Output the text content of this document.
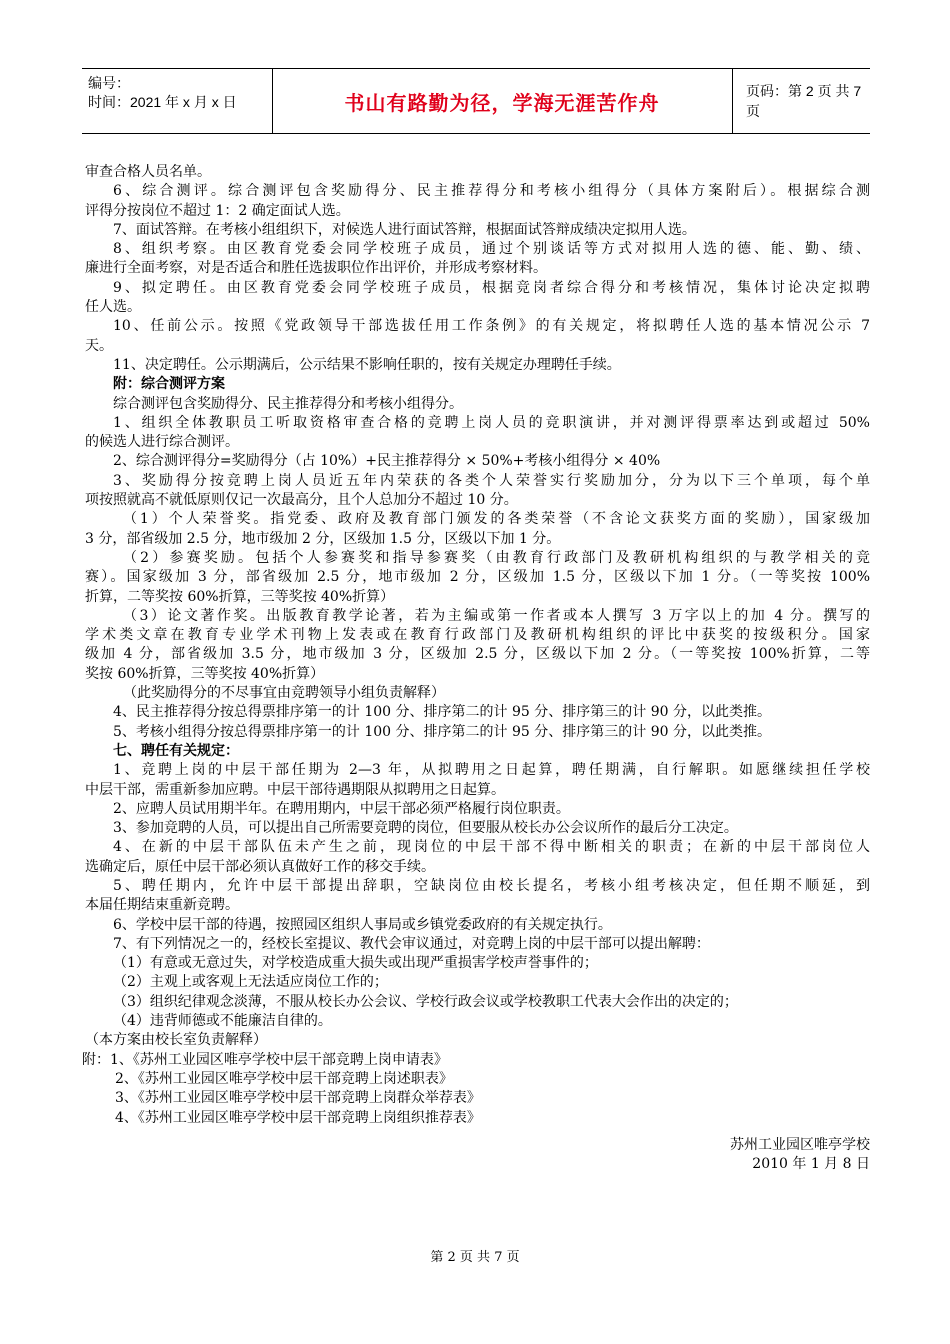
编号：
时间：2021 年 x 月 x 日	书山有路勤为径，学海无涯苦作舟	页码：第 2 页 共 7 页
审查合格人员名单。
6、综合测评。综合测评包含奖励得分、民主推荐得分和考核小组得分（具体方案附后）。根据综合测
评得分按岗位不超过 1：2 确定面试人选。
7、面试答辩。在考核小组组织下，对候选人进行面试答辩，根据面试答辩成绩决定拟用人选。
8、组织考察。由区教育党委会同学校班子成员，通过个别谈话等方式对拟用人选的德、能、勤、绩、
廉进行全面考察，对是否适合和胜任选拔职位作出评价，并形成考察材料。
9、拟定聘任。由区教育党委会同学校班子成员，根据竞岗者综合得分和考核情况，集体讨论决定拟聘
任人选。
10、任前公示。按照《党政领导干部选拔任用工作条例》的有关规定，将拟聘任人选的基本情况公示 7
天。
11、决定聘任。公示期满后，公示结果不影响任职的，按有关规定办理聘任手续。
附：综合测评方案
综合测评包含奖励得分、民主推荐得分和考核小组得分。
1、组织全体教职员工听取资格审查合格的竞聘上岗人员的竞职演讲，并对测评得票率达到或超过 50%
的候选人进行综合测评。
2、综合测评得分=奖励得分（占 10%）+民主推荐得分 × 50%+考核小组得分 × 40%
3、奖励得分按竞聘上岗人员近五年内荣获的各类个人荣誉实行奖励加分，分为以下三个单项，每个单
项按照就高不就低原则仅记一次最高分，且个人总加分不超过 10 分。
（1）个人荣誉奖。指党委、政府及教育部门颁发的各类荣誉（不含论文获奖方面的奖励），国家级加
3 分，部省级加 2.5 分，地市级加 2 分，区级加 1.5 分，区级以下加 1 分。
（2）参赛奖励。包括个人参赛奖和指导参赛奖（由教育行政部门及教研机构组织的与教学相关的竞
赛）。国家级加 3 分，部省级加 2.5 分，地市级加 2 分，区级加 1.5 分，区级以下加 1 分。（一等奖按 100%
折算，二等奖按 60%折算，三等奖按 40%折算）
（3）论文著作奖。出版教育教学论著，若为主编或第一作者或本人撰写 3 万字以上的加 4 分。撰写的
学术类文章在教育专业学术刊物上发表或在教育行政部门及教研机构组织的评比中获奖的按级积分。国家
级加 4 分，部省级加 3.5 分，地市级加 3 分，区级加 2.5 分，区级以下加 2 分。（一等奖按 100%折算，二等
奖按 60%折算，三等奖按 40%折算）
（此奖励得分的不尽事宜由竞聘领导小组负责解释）
4、民主推荐得分按总得票排序第一的计 100 分、排序第二的计 95 分、排序第三的计 90 分，以此类推。
5、考核小组得分按总得票排序第一的计 100 分、排序第二的计 95 分、排序第三的计 90 分，以此类推。
七、聘任有关规定：
1、竞聘上岗的中层干部任期为 2—3 年，从拟聘用之日起算，聘任期满，自行解职。如愿继续担任学校
中层干部，需重新参加应聘。中层干部待遇期限从拟聘用之日起算。
2、应聘人员试用期半年。在聘用期内，中层干部必须严格履行岗位职责。
3、参加竞聘的人员，可以提出自己所需要竞聘的岗位，但要服从校长办公会议所作的最后分工决定。
4、在新的中层干部队伍未产生之前，现岗位的中层干部不得中断相关的职责；在新的中层干部岗位人
选确定后，原任中层干部必须认真做好工作的移交手续。
5、聘任期内，允许中层干部提出辞职，空缺岗位由校长提名，考核小组考核决定，但任期不顺延，到
本届任期结束重新竞聘。
6、学校中层干部的待遇，按照园区组织人事局或乡镇党委政府的有关规定执行。
7、有下列情况之一的，经校长室提议、教代会审议通过，对竞聘上岗的中层干部可以提出解聘：
（1）有意或无意过失，对学校造成重大损失或出现严重损害学校声誉事件的；
（2）主观上或客观上无法适应岗位工作的；
（3）组织纪律观念淡薄，不服从校长办公会议、学校行政会议或学校教职工代表大会作出的决定的；
（4）违背师德或不能廉洁自律的。
（本方案由校长室负责解释）
附：1、《苏州工业园区唯亭学校中层干部竞聘上岗申请表》
2、《苏州工业园区唯亭学校中层干部竞聘上岗述职表》
3、《苏州工业园区唯亭学校中层干部竞聘上岗群众举荐表》
4、《苏州工业园区唯亭学校中层干部竞聘上岗组织推荐表》
苏州工业园区唯亭学校
2010 年 1 月 8 日
第 2 页 共 7 页
